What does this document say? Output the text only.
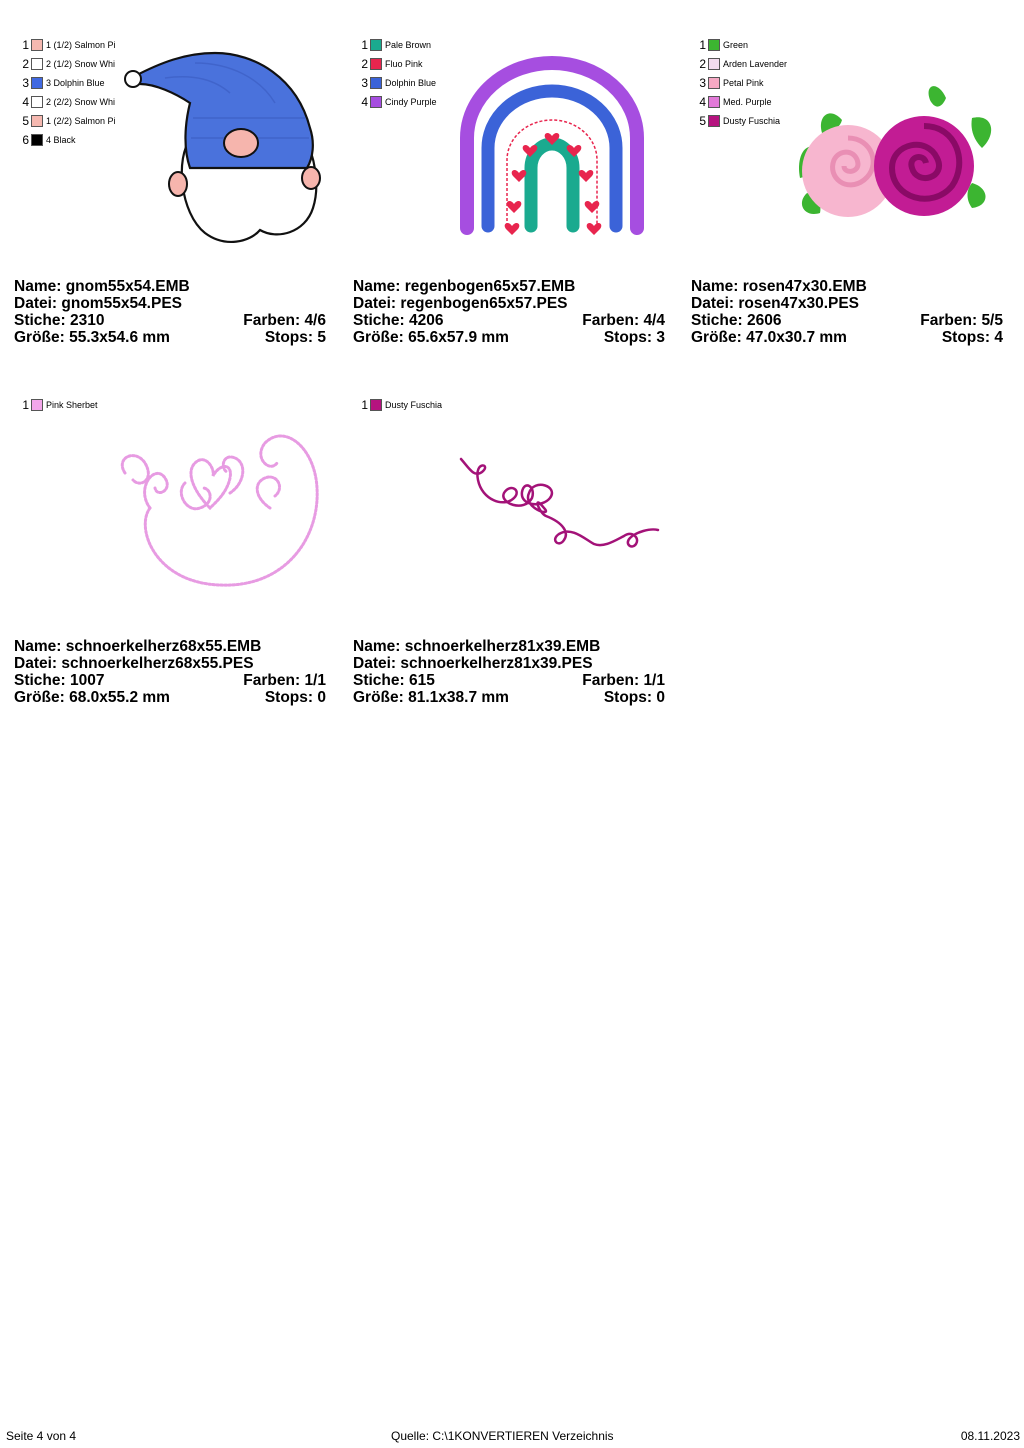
1 1 (1/2) Salmon Pi
2 2 (1/2) Snow Whi
3 3 Dolphin Blue
4 2 (2/2) Snow Whi
5 1 (2/2) Salmon Pi
6 4 Black
Name: gnom55x54.EMB
Datei: gnom55x54.PES
Stiche: 2310	Farben: 4/6
Größe: 55.3x54.6 mm	Stops: 5
1 Pale Brown
2 Fluo Pink
3 Dolphin Blue
4 Cindy Purple
Name: regenbogen65x57.EMB
Datei: regenbogen65x57.PES
Stiche: 4206	Farben: 4/4
Größe: 65.6x57.9 mm	Stops: 3
1 Green
2 Arden Lavender
3 Petal Pink
4 Med. Purple
5 Dusty Fuschia
Name: rosen47x30.EMB
Datei: rosen47x30.PES
Stiche: 2606	Farben: 5/5
Größe: 47.0x30.7 mm	Stops: 4
1 Pink Sherbet
Name: schnoerkelherz68x55.EMB
Datei: schnoerkelherz68x55.PES
Stiche: 1007	Farben: 1/1
Größe: 68.0x55.2 mm	Stops: 0
1 Dusty Fuschia
Name: schnoerkelherz81x39.EMB
Datei: schnoerkelherz81x39.PES
Stiche: 615	Farben: 1/1
Größe: 81.1x38.7 mm	Stops: 0
Seite 4 von 4	Quelle: C:\1KONVERTIEREN Verzeichnis	08.11.2023
